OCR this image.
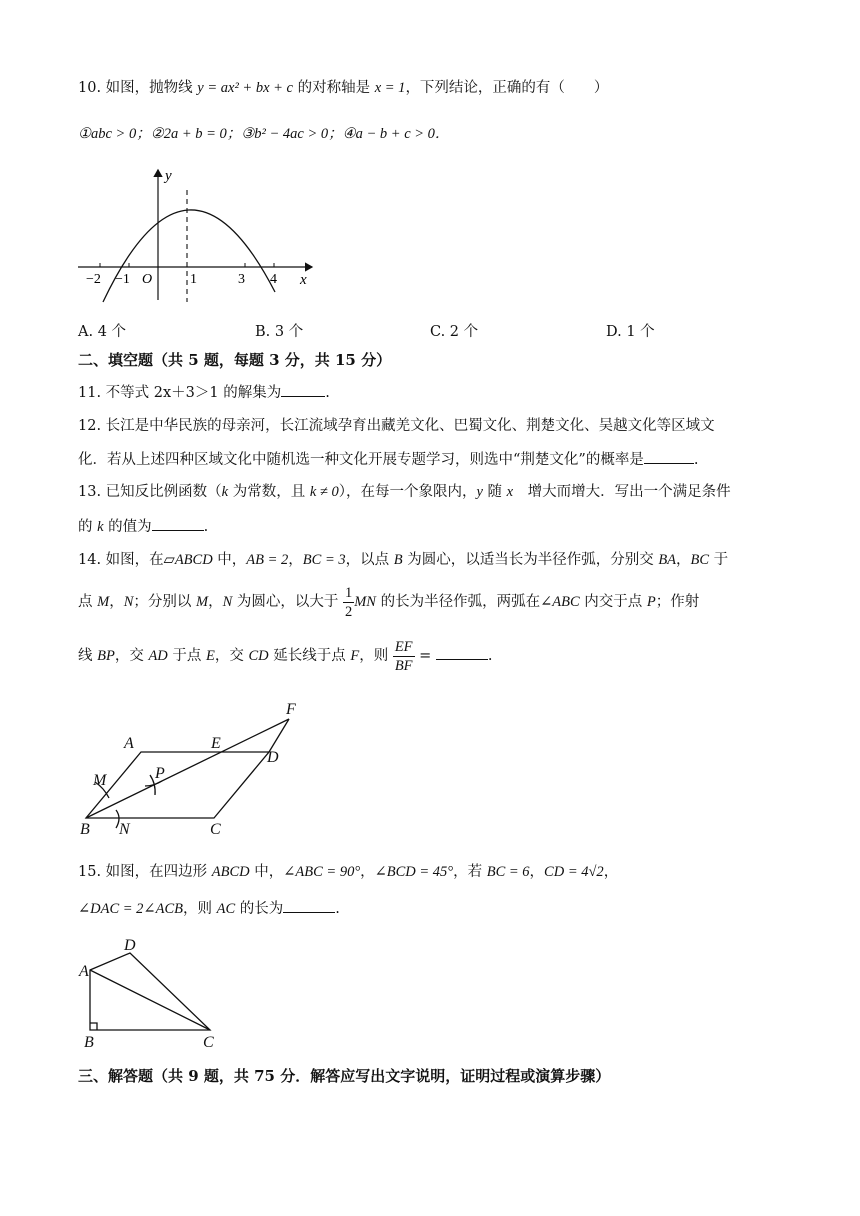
10. 如图，抛物线 y = ax² + bx + c 的对称轴是 x = 1，下列结论，正确的有（　　）
①abc > 0；②2a + b = 0；③b² − 4ac > 0；④a − b + c > 0．
y
x
O
−2 −1	1	3 4
A. 4 个	B. 3 个	C. 2 个	D. 1 个
二、填空题（共 5 题，每题 3 分，共 15 分）
11. 不等式 2x＋3＞1 的解集为	.
12. 长江是中华民族的母亲河，长江流域孕育出藏羌文化、巴蜀文化、荆楚文化、吴越文化等区域文
化．若从上述四种区域文化中随机选一种文化开展专题学习，则选中“荆楚文化”的概率是	.
13. 已知反比例函数（k 为常数，且 k ≠ 0），在每一个象限内，y 随 x　增大而增大．写出一个满足条件
的 k 的值为	.
14. 如图，在▱ABCD 中，AB = 2，BC = 3，以点 B 为圆心，以适当长为半径作弧，分别交 BA，BC 于
点 M，N；分别以 M，N 为圆心，以大于 $\frac{1}{2}$ MN 的长为半径作弧，两弧在∠ABC 内交于点 P；作射
线 BP，交 AD 于点 E，交 CD 延长线于点 F，则 $\frac{EF}{BF}$ =	.
A	E
D
F
M	P
B N	C
15. 如图，在四边形 ABCD 中，∠ABC = 90°，∠BCD = 45°，若 BC = 6，CD = 4√2，
∠DAC = 2∠ACB，则 AC 的长为	.
D
A
B	C
三、解答题（共 9 题，共 75 分．解答应写出文字说明，证明过程或演算步骤）
